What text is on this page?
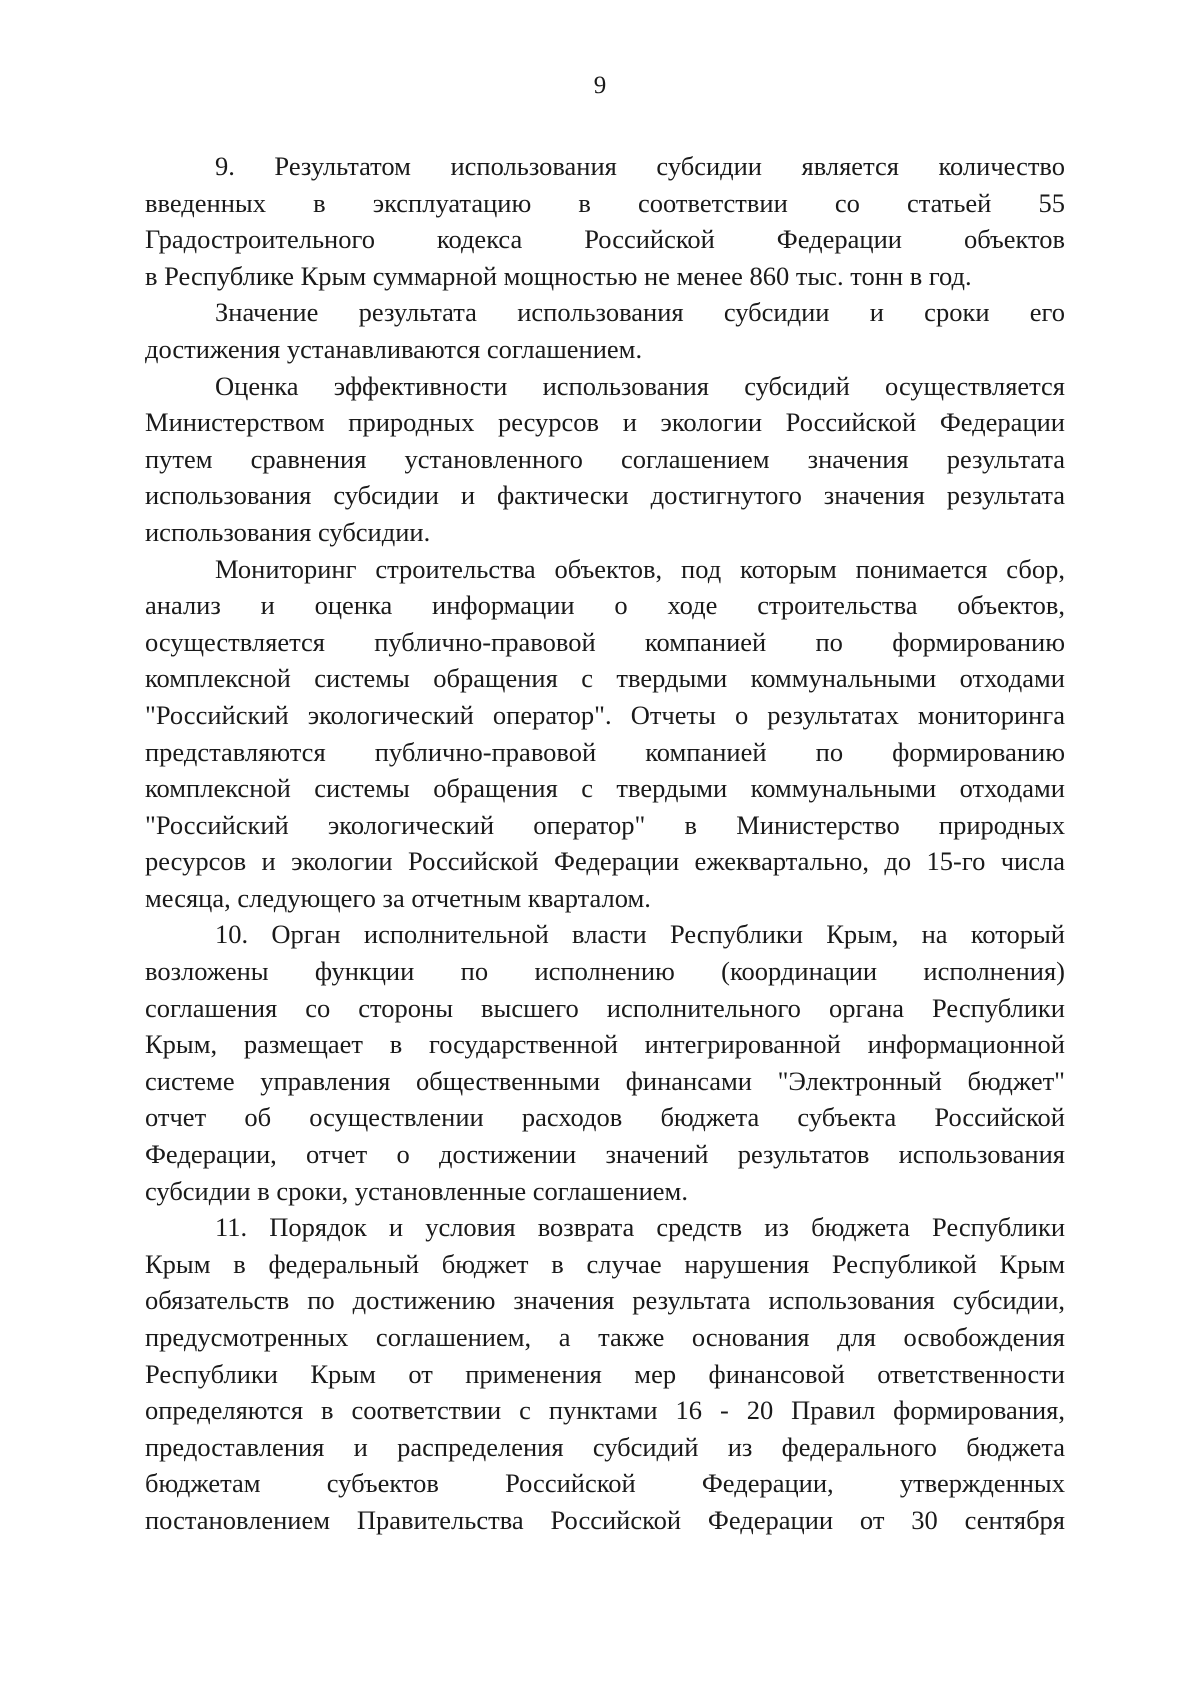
9
9. Результатом использования субсидии является количество
введенных в эксплуатацию в соответствии со статьей 55
Градостроительного кодекса Российской Федерации объектов
в Республике Крым суммарной мощностью не менее 860 тыс. тонн в год.
Значение результата использования субсидии и сроки его
достижения устанавливаются соглашением.
Оценка эффективности использования субсидий осуществляется
Министерством природных ресурсов и экологии Российской Федерации
путем сравнения установленного соглашением значения результата
использования субсидии и фактически достигнутого значения результата
использования субсидии.
Мониторинг строительства объектов, под которым понимается сбор,
анализ и оценка информации о ходе строительства объектов,
осуществляется публично-правовой компанией по формированию
комплексной системы обращения с твердыми коммунальными отходами
"Российский экологический оператор". Отчеты о результатах мониторинга
представляются публично-правовой компанией по формированию
комплексной системы обращения с твердыми коммунальными отходами
"Российский экологический оператор" в Министерство природных
ресурсов и экологии Российской Федерации ежеквартально, до 15-го числа
месяца, следующего за отчетным кварталом.
10. Орган исполнительной власти Республики Крым, на который
возложены функции по исполнению (координации исполнения)
соглашения со стороны высшего исполнительного органа Республики
Крым, размещает в государственной интегрированной информационной
системе управления общественными финансами "Электронный бюджет"
отчет об осуществлении расходов бюджета субъекта Российской
Федерации, отчет о достижении значений результатов использования
субсидии в сроки, установленные соглашением.
11. Порядок и условия возврата средств из бюджета Республики
Крым в федеральный бюджет в случае нарушения Республикой Крым
обязательств по достижению значения результата использования субсидии,
предусмотренных соглашением, а также основания для освобождения
Республики Крым от применения мер финансовой ответственности
определяются в соответствии с пунктами 16 - 20 Правил формирования,
предоставления и распределения субсидий из федерального бюджета
бюджетам субъектов Российской Федерации, утвержденных
постановлением Правительства Российской Федерации от 30 сентября
